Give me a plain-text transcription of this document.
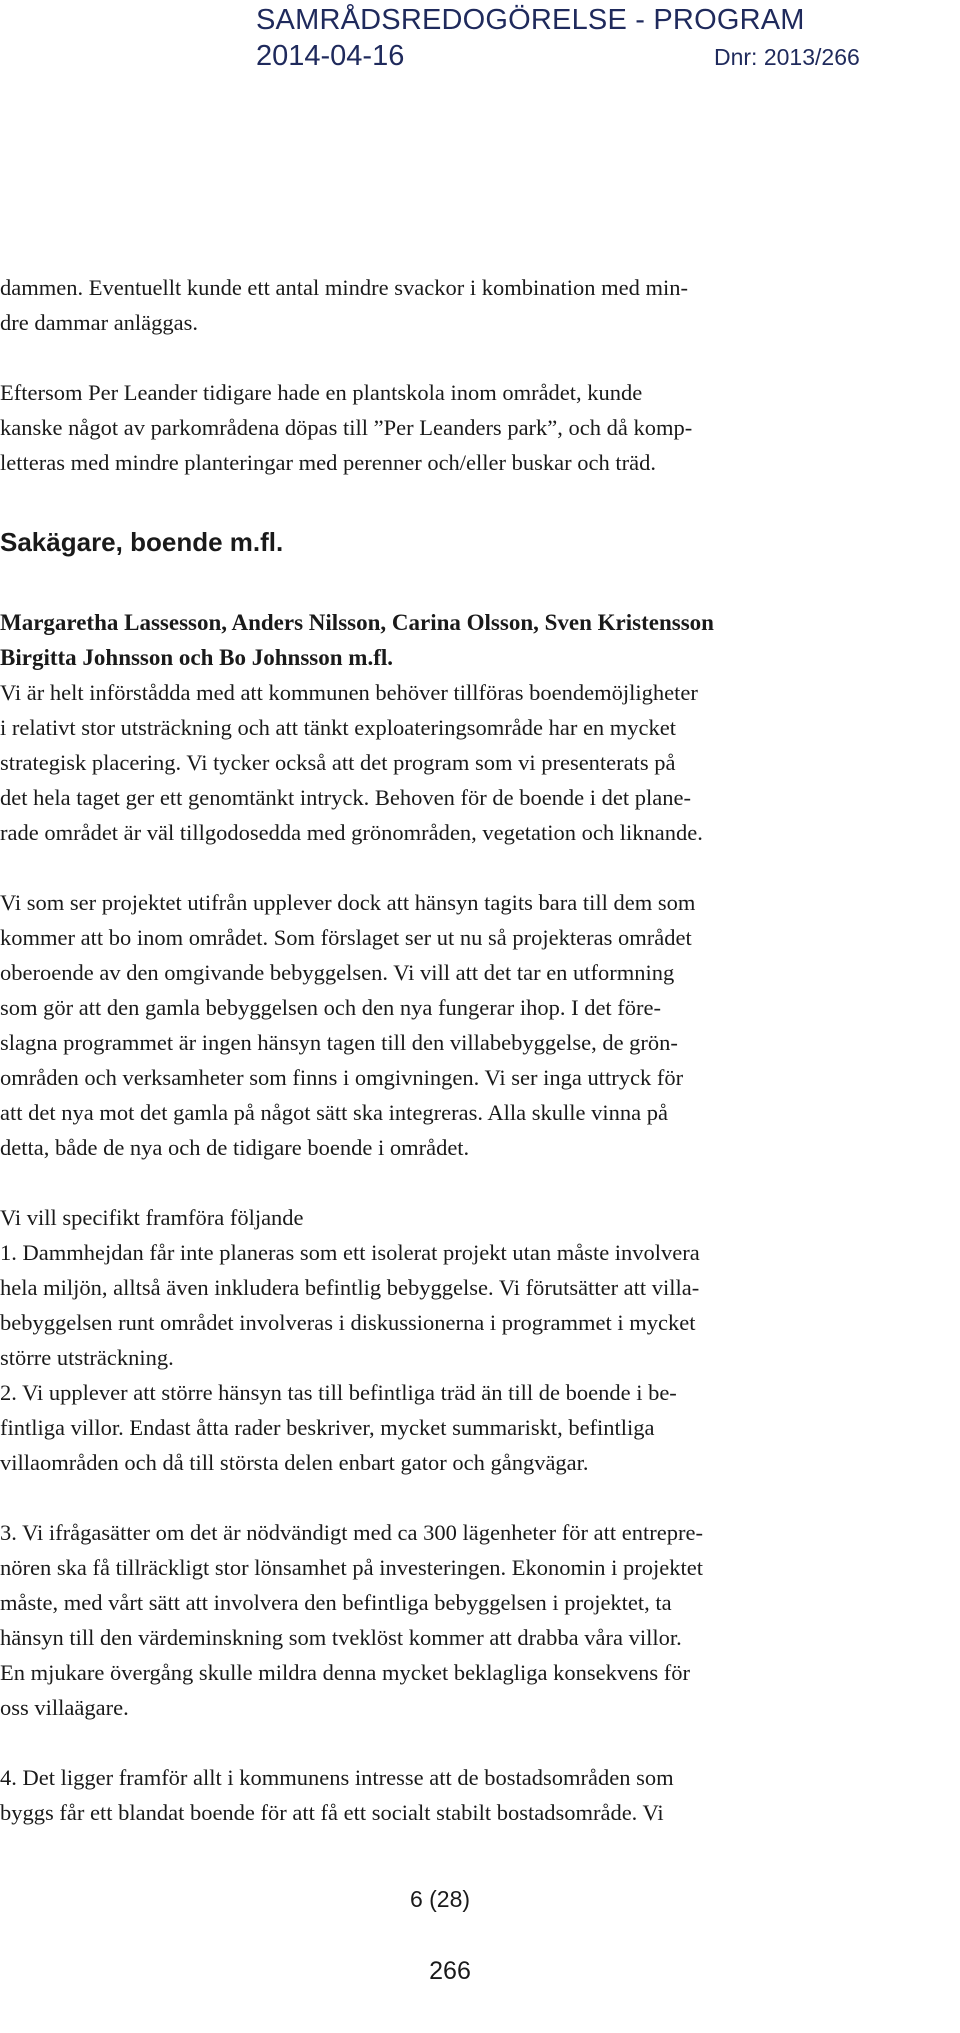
SAMRÅDSREDOGÖRELSE - PROGRAM
2014-04-16	Dnr: 2013/266

dammen. Eventuellt kunde ett antal mindre svackor i kombination med min-
dre dammar anläggas.

Eftersom Per Leander tidigare hade en plantskola inom området, kunde
kanske något av parkområdena döpas till ”Per Leanders park”, och då komp-
letteras med mindre planteringar med perenner och/eller buskar och träd.

Sakägare, boende m.fl.

Margaretha Lassesson, Anders Nilsson, Carina Olsson, Sven Kristensson
Birgitta Johnsson och Bo Johnsson m.fl.

Vi är helt införstådda med att kommunen behöver tillföras boendemöjligheter
i relativt stor utsträckning och att tänkt exploateringsområde har en mycket
strategisk placering. Vi tycker också att det program som vi presenterats på
det hela taget ger ett genomtänkt intryck. Behoven för de boende i det plane-
rade området är väl tillgodosedda med grönområden, vegetation och liknande.

Vi som ser projektet utifrån upplever dock att hänsyn tagits bara till dem som
kommer att bo inom området. Som förslaget ser ut nu så projekteras området
oberoende av den omgivande bebyggelsen. Vi vill att det tar en utformning
som gör att den gamla bebyggelsen och den nya fungerar ihop. I det före-
slagna programmet är ingen hänsyn tagen till den villabebyggelse, de grön-
områden och verksamheter som finns i omgivningen. Vi ser inga uttryck för
att det nya mot det gamla på något sätt ska integreras. Alla skulle vinna på
detta, både de nya och de tidigare boende i området.

Vi vill specifikt framföra följande
1. Dammhejdan får inte planeras som ett isolerat projekt utan måste involvera
hela miljön, alltså även inkludera befintlig bebyggelse. Vi förutsätter att villa-
bebyggelsen runt området involveras i diskussionerna i programmet i mycket
större utsträckning.
2. Vi upplever att större hänsyn tas till befintliga träd än till de boende i be-
fintliga villor. Endast åtta rader beskriver, mycket summariskt, befintliga
villaområden och då till största delen enbart gator och gångvägar.

3. Vi ifrågasätter om det är nödvändigt med ca 300 lägenheter för att entrepre-
nören ska få tillräckligt stor lönsamhet på investeringen. Ekonomin i projektet
måste, med vårt sätt att involvera den befintliga bebyggelsen i projektet, ta
hänsyn till den värdeminskning som tveklöst kommer att drabba våra villor.
En mjukare övergång skulle mildra denna mycket beklagliga konsekvens för
oss villaägare.

4. Det ligger framför allt i kommunens intresse att de bostadsområden som
byggs får ett blandat boende för att få ett socialt stabilt bostadsområde. Vi

6 (28)
266
